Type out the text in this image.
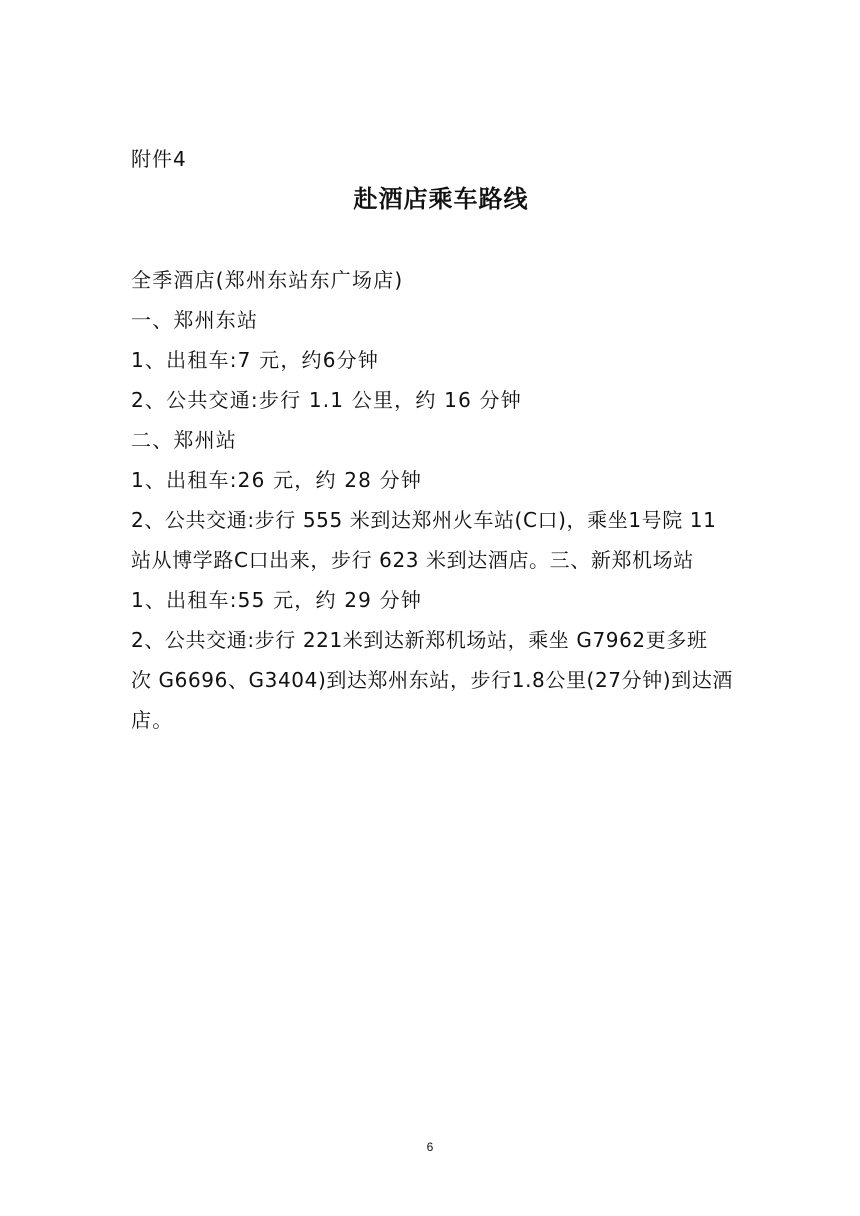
附件4
赴酒店乘车路线
全季酒店(郑州东站东广场店)
一、郑州东站
1、出租车:7 元，约6分钟
2、公共交通:步行 1.1 公里，约 16 分钟
二、郑州站
1、出租车:26 元，约 28 分钟
2、公共交通:步行 555 米到达郑州火车站(C口)，乘坐1号院 11
站从博学路C口出来，步行 623 米到达酒店。三、新郑机场站
1、出租车:55 元，约 29 分钟
2、公共交通:步行 221米到达新郑机场站，乘坐 G7962更多班
次 G6696、G3404)到达郑州东站，步行1.8公里(27分钟)到达酒
店。
6
